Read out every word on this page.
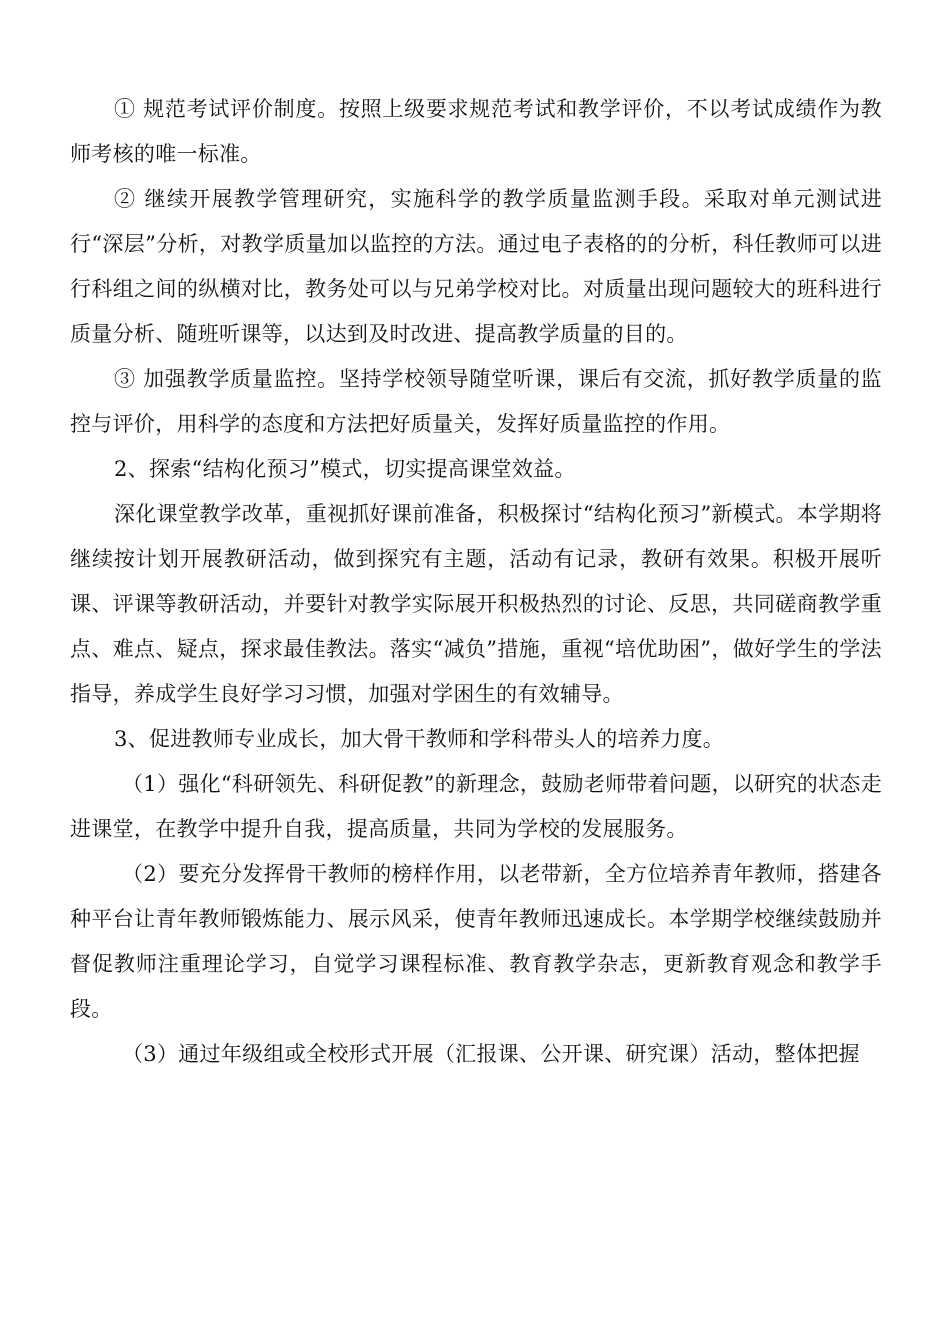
① 规范考试评价制度。按照上级要求规范考试和教学评价，不以考试成绩作为教师考核的唯一标准。

② 继续开展教学管理研究，实施科学的教学质量监测手段。采取对单元测试进行“深层”分析，对教学质量加以监控的方法。通过电子表格的的分析，科任教师可以进行科组之间的纵横对比，教务处可以与兄弟学校对比。对质量出现问题较大的班科进行质量分析、随班听课等，以达到及时改进、提高教学质量的目的。

③ 加强教学质量监控。坚持学校领导随堂听课，课后有交流，抓好教学质量的监控与评价，用科学的态度和方法把好质量关，发挥好质量监控的作用。

2、探索“结构化预习”模式，切实提高课堂效益。

深化课堂教学改革，重视抓好课前准备，积极探讨“结构化预习”新模式。本学期将继续按计划开展教研活动，做到探究有主题，活动有记录，教研有效果。积极开展听课、评课等教研活动，并要针对教学实际展开积极热烈的讨论、反思，共同磋商教学重点、难点、疑点，探求最佳教法。落实“减负”措施，重视“培优助困”，做好学生的学法指导，养成学生良好学习习惯，加强对学困生的有效辅导。

3、促进教师专业成长，加大骨干教师和学科带头人的培养力度。

（1）强化“科研领先、科研促教”的新理念，鼓励老师带着问题，以研究的状态走进课堂，在教学中提升自我，提高质量，共同为学校的发展服务。

（2）要充分发挥骨干教师的榜样作用，以老带新，全方位培养青年教师，搭建各种平台让青年教师锻炼能力、展示风采，使青年教师迅速成长。本学期学校继续鼓励并督促教师注重理论学习，自觉学习课程标准、教育教学杂志，更新教育观念和教学手段。

（3）通过年级组或全校形式开展（汇报课、公开课、研究课）活动，整体把握
